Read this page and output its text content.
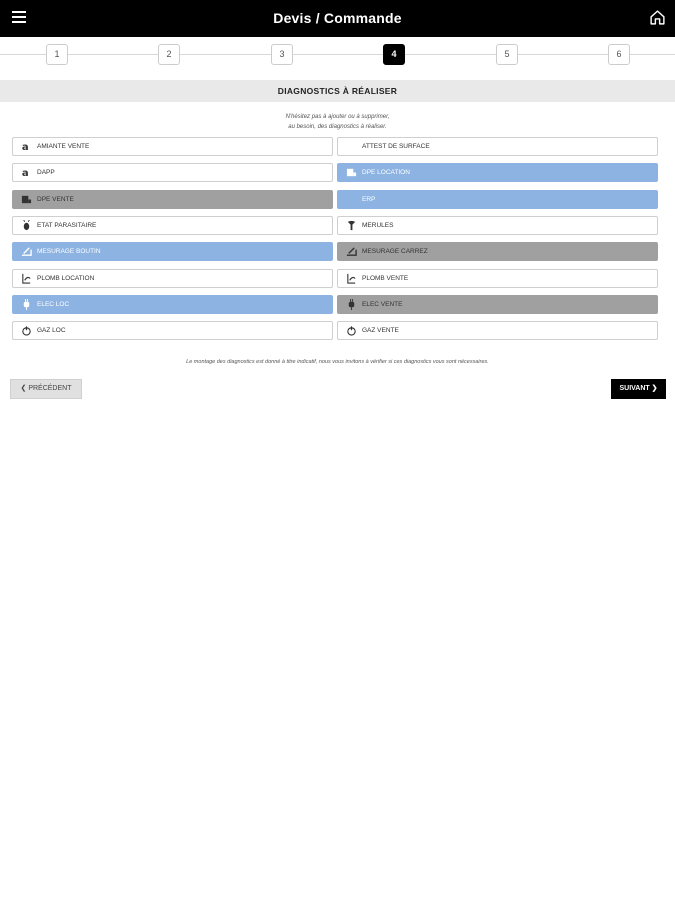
Devis / Commande
1	2	3	4	5	6
DIAGNOSTICS À RÉALISER
N'hésitez pas à ajouter ou à supprimer,
au besoin, des diagnostics à réaliser.
a AMIANTE VENTE	ATTEST DE SURFACE
a DAPP	DPE LOCATION
DPE VENTE	ERP
ETAT PARASITAIRE	MERULES
MESURAGE BOUTIN	MESURAGE CARREZ
PLOMB LOCATION	PLOMB VENTE
ELEC LOC	ELEC VENTE
GAZ LOC	GAZ VENTE
Le montage des diagnostics est donné à titre indicatif, nous vous invitons à vérifier si ces diagnostics vous sont nécessaires.
❮ PRÉCÉDENT	SUIVANT ❯
